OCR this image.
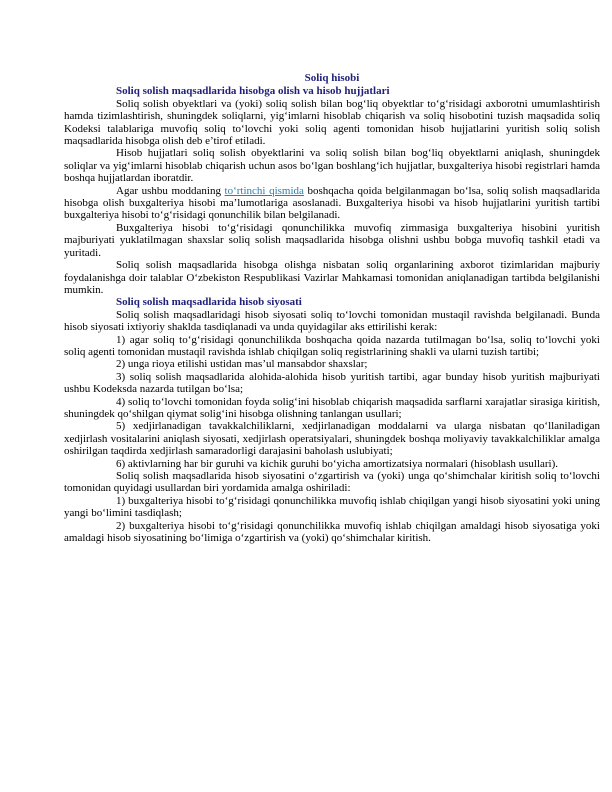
Soliq hisobi
Soliq solish maqsadlarida hisobga olish va hisob hujjatlari

Soliq solish obyektlari va (yoki) soliq solish bilan bog‘liq obyektlar to‘g‘risidagi axborotni umumlashtirish hamda tizimlashtirish, shuningdek soliqlarni, yig‘imlarni hisoblab chiqarish va soliq hisobotini tuzish maqsadida soliq Kodeksi talablariga muvofiq soliq to‘lovchi yoki soliq agenti tomonidan hisob hujjatlarini yuritish soliq solish maqsadlarida hisobga olish deb e’tirof etiladi.

Hisob hujjatlari soliq solish obyektlarini va soliq solish bilan bog‘liq obyektlarni aniqlash, shuningdek soliqlar va yig‘imlarni hisoblab chiqarish uchun asos bo‘lgan boshlang‘ich hujjatlar, buxgalteriya hisobi registrlari hamda boshqa hujjatlardan iboratdir.

Agar ushbu moddaning to‘rtinchi qismida boshqacha qoida belgilanmagan bo‘lsa, soliq solish maqsadlarida hisobga olish buxgalteriya hisobi ma’lumotlariga asoslanadi. Buxgalteriya hisobi va hisob hujjatlarini yuritish tartibi buxgalteriya hisobi to‘g‘risidagi qonunchilik bilan belgilanadi.

Buxgalteriya hisobi to‘g‘risidagi qonunchilikka muvofiq zimmasiga buxgalteriya hisobini yuritish majburiyati yuklatilmagan shaxslar soliq solish maqsadlarida hisobga olishni ushbu bobga muvofiq tashkil etadi va yuritadi.

Soliq solish maqsadlarida hisobga olishga nisbatan soliq organlarining axborot tizimlaridan majburiy foydalanishga doir talablar O‘zbekiston Respublikasi Vazirlar Mahkamasi tomonidan aniqlanadigan tartibda belgilanishi mumkin.

Soliq solish maqsadlarida hisob siyosati

Soliq solish maqsadlaridagi hisob siyosati soliq to‘lovchi tomonidan mustaqil ravishda belgilanadi. Bunda hisob siyosati ixtiyoriy shaklda tasdiqlanadi va unda quyidagilar aks ettirilishi kerak:

1) agar soliq to‘g‘risidagi qonunchilikda boshqacha qoida nazarda tutilmagan bo‘lsa, soliq to‘lovchi yoki soliq agenti tomonidan mustaqil ravishda ishlab chiqilgan soliq registrlarining shakli va ularni tuzish tartibi;

2) unga rioya etilishi ustidan mas’ul mansabdor shaxslar;

3) soliq solish maqsadlarida alohida-alohida hisob yuritish tartibi, agar bunday hisob yuritish majburiyati ushbu Kodeksda nazarda tutilgan bo‘lsa;

4) soliq to‘lovchi tomonidan foyda solig‘ini hisoblab chiqarish maqsadida sarflarni xarajatlar sirasiga kiritish, shuningdek qo‘shilgan qiymat solig‘ini hisobga olishning tanlangan usullari;

5) xedjirlanadigan tavakkalchiliklarni, xedjirlanadigan moddalarni va ularga nisbatan qo‘llaniladigan xedjirlash vositalarini aniqlash siyosati, xedjirlash operatsiyalari, shuningdek boshqa moliyaviy tavakkalchiliklar amalga oshirilgan taqdirda xedjirlash samaradorligi darajasini baholash uslubiyati;

6) aktivlarning har bir guruhi va kichik guruhi bo‘yicha amortizatsiya normalari (hisoblash usullari).

Soliq solish maqsadlarida hisob siyosatini o‘zgartirish va (yoki) unga qo‘shimchalar kiritish soliq to‘lovchi tomonidan quyidagi usullardan biri yordamida amalga oshiriladi:

1) buxgalteriya hisobi to‘g‘risidagi qonunchilikka muvofiq ishlab chiqilgan yangi hisob siyosatini yoki uning yangi bo‘limini tasdiqlash;

2) buxgalteriya hisobi to‘g‘risidagi qonunchilikka muvofiq ishlab chiqilgan amaldagi hisob siyosatiga yoki amaldagi hisob siyosatining bo‘limiga o‘zgartirish va (yoki) qo‘shimchalar kiritish.
